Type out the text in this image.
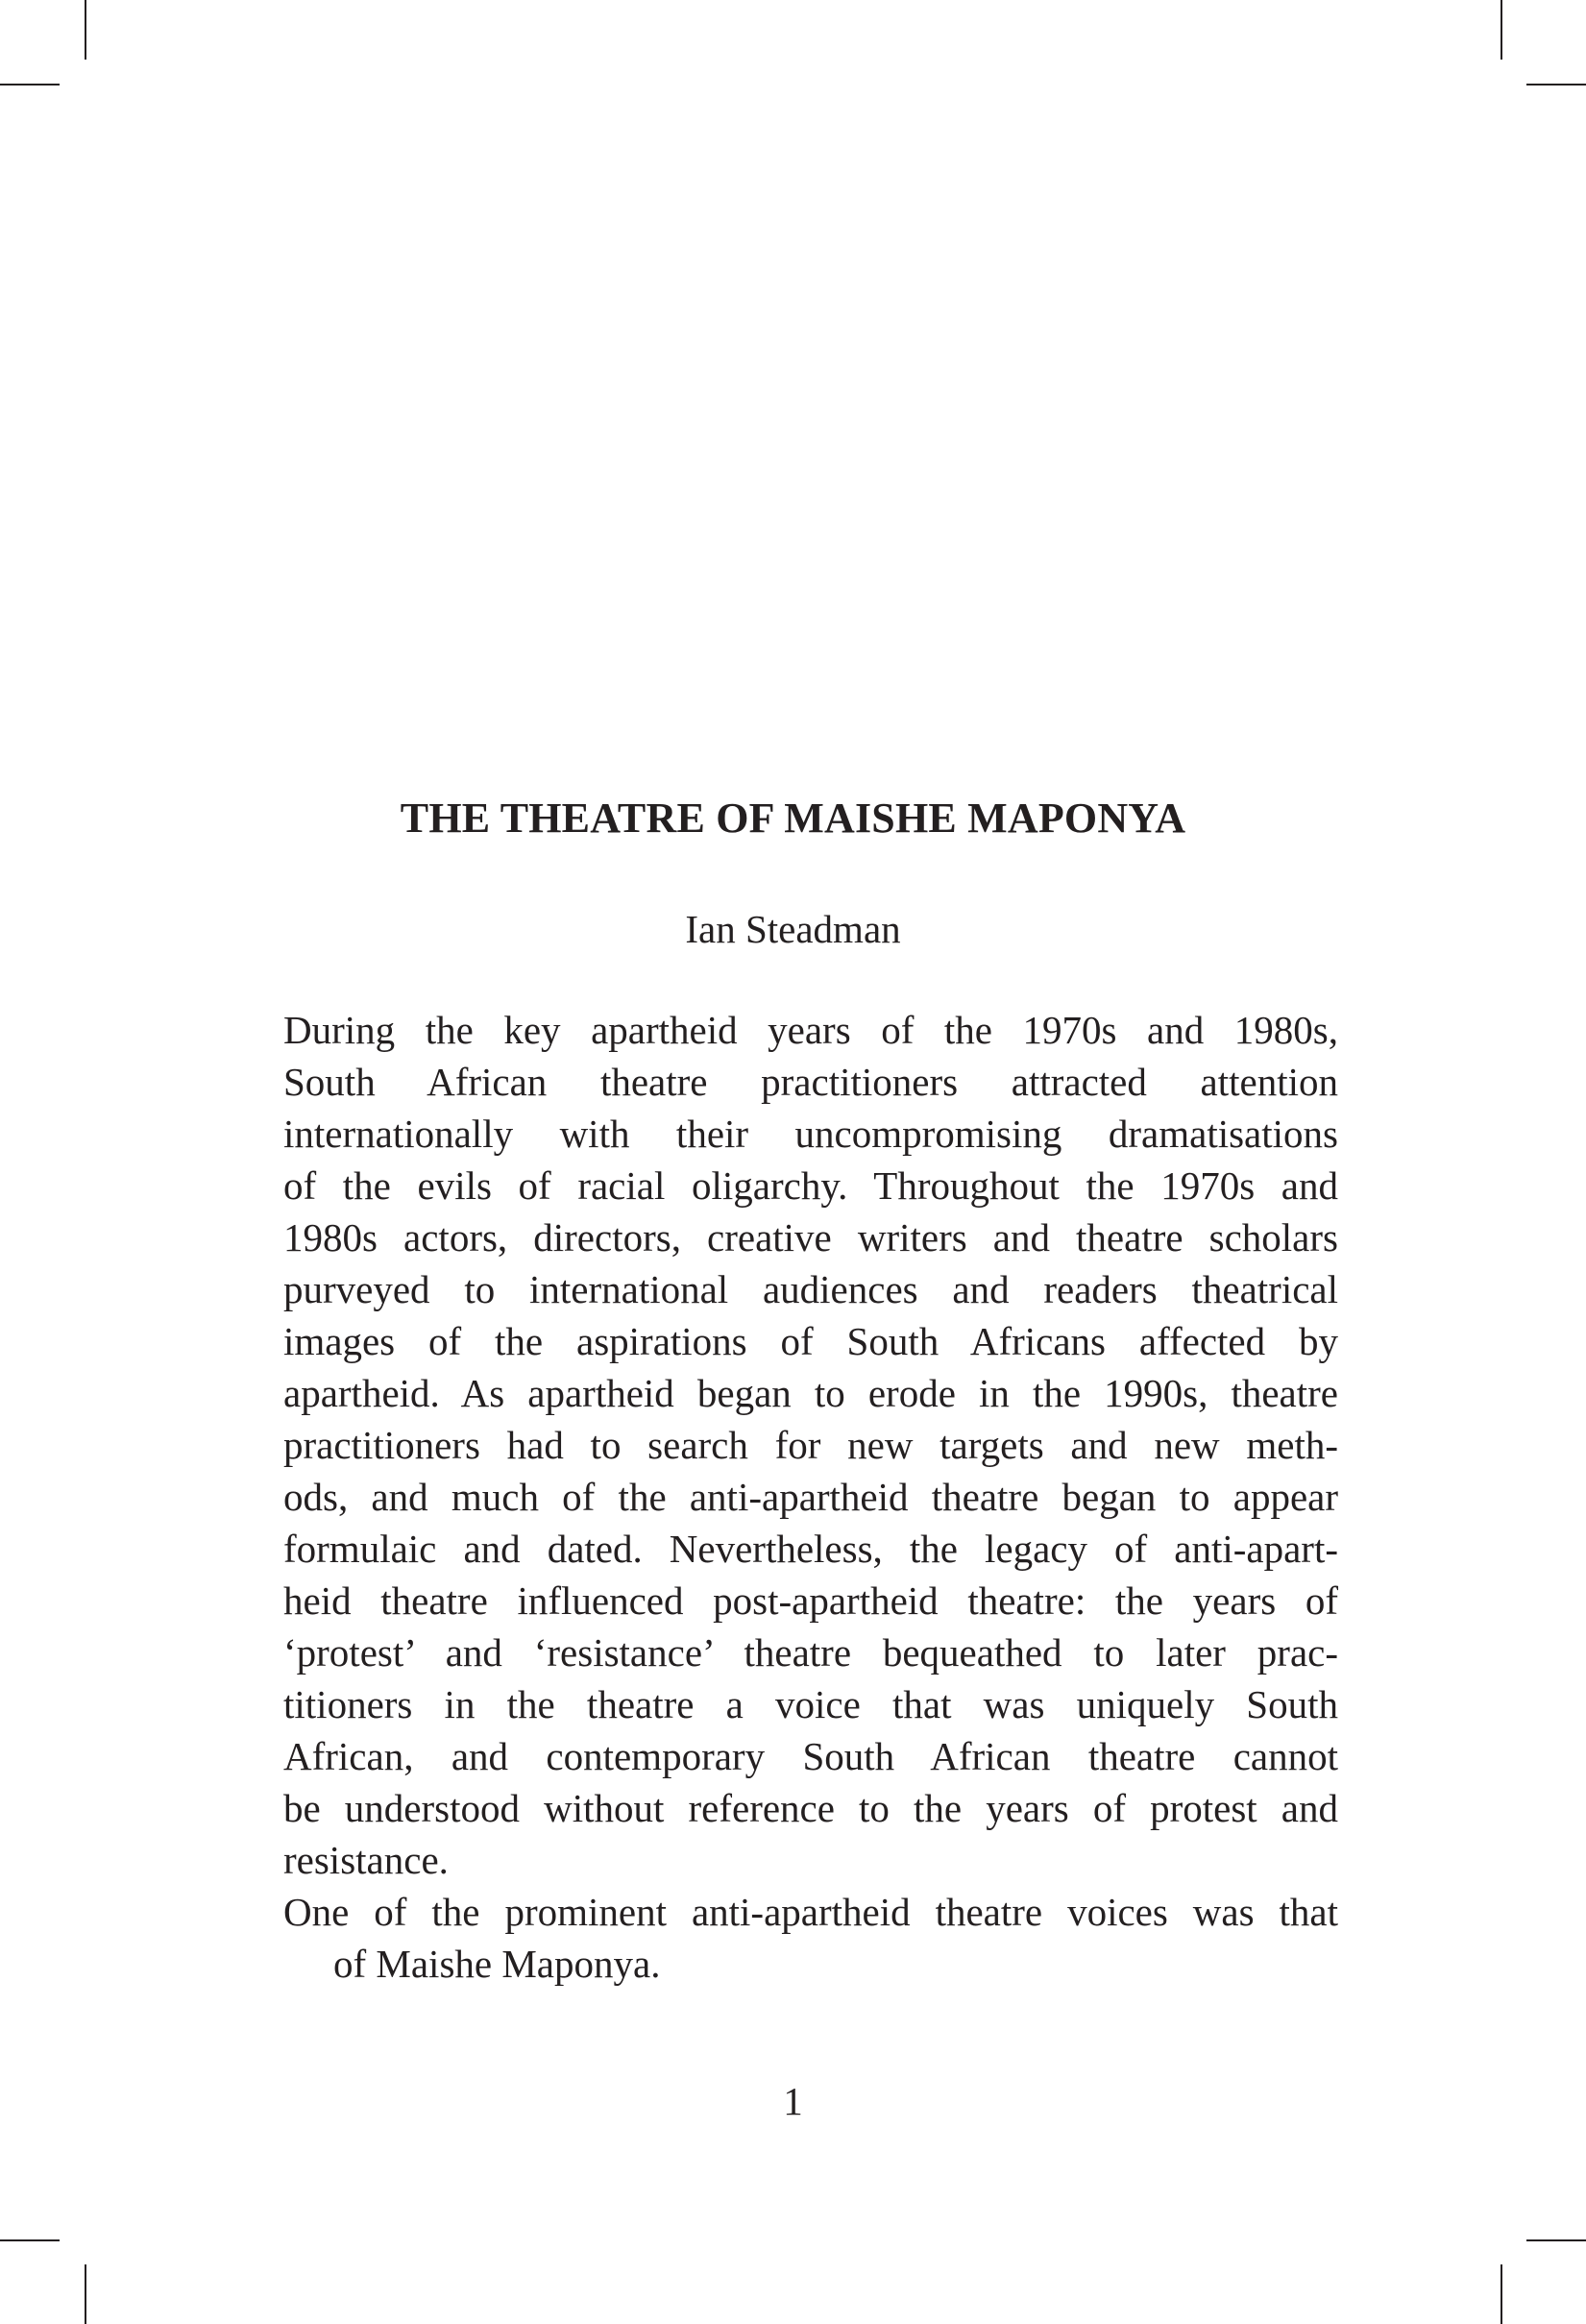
THE THEATRE OF MAISHE MAPONYA

Ian Steadman

During the key apartheid years of the 1970s and 1980s,
South African theatre practitioners attracted attention
internationally with their uncompromising dramatisations
of the evils of racial oligarchy. Throughout the 1970s and
1980s actors, directors, creative writers and theatre scholars
purveyed to international audiences and readers theatrical
images of the aspirations of South Africans affected by
apartheid. As apartheid began to erode in the 1990s, theatre
practitioners had to search for new targets and new meth-
ods, and much of the anti-apartheid theatre began to appear
formulaic and dated. Nevertheless, the legacy of anti-apart-
heid theatre influenced post-apartheid theatre: the years of
‘protest’ and ‘resistance’ theatre bequeathed to later prac-
titioners in the theatre a voice that was uniquely South
African, and contemporary South African theatre cannot
be understood without reference to the years of protest and
resistance.
One of the prominent anti-apartheid theatre voices was that
of Maishe Maponya.

1
